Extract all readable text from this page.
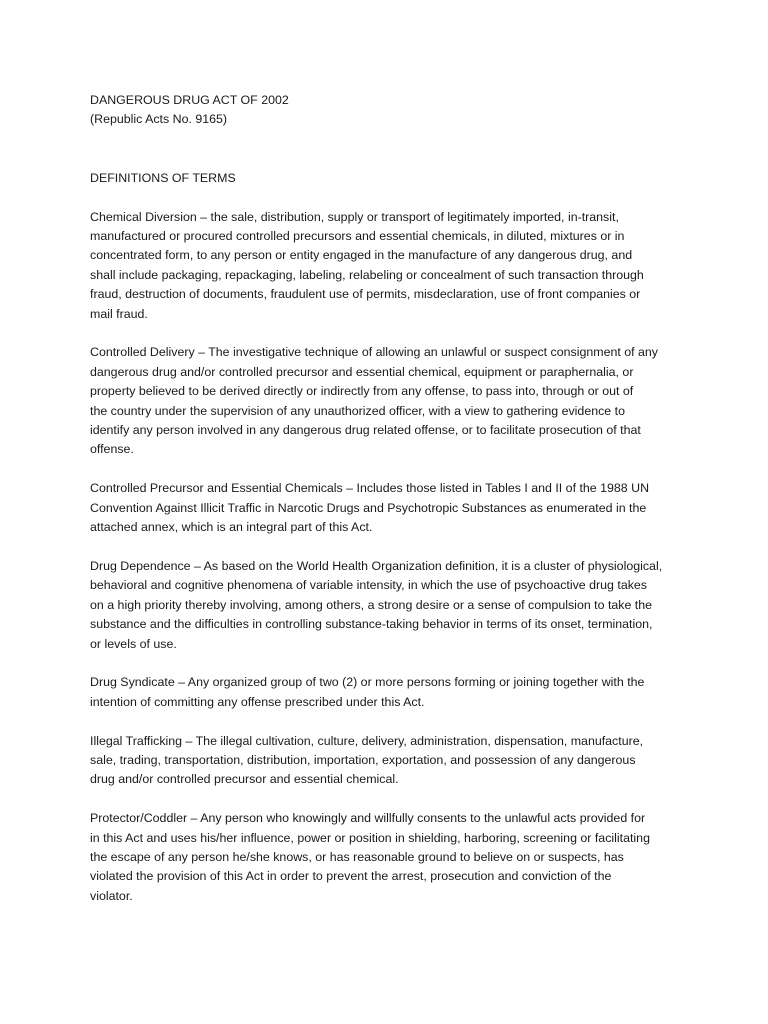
DANGEROUS DRUG ACT OF 2002
(Republic Acts No. 9165)
DEFINITIONS OF TERMS
Chemical Diversion – the sale, distribution, supply or transport of legitimately imported, in-transit,
manufactured or procured controlled precursors and essential chemicals, in diluted, mixtures or in
concentrated form, to any person or entity engaged in the manufacture of any dangerous drug, and
shall include packaging, repackaging, labeling, relabeling or concealment of such transaction through
fraud, destruction of documents, fraudulent use of permits, misdeclaration, use of front companies or
mail fraud.
Controlled Delivery – The investigative technique of allowing an unlawful or suspect consignment of any
dangerous drug and/or controlled precursor and essential chemical, equipment or paraphernalia, or
property believed to be derived directly or indirectly from any offense, to pass into, through or out of
the country under the supervision of any unauthorized officer, with a view to gathering evidence to
identify any person involved in any dangerous drug related offense, or to facilitate prosecution of that
offense.
Controlled Precursor and Essential Chemicals – Includes those listed in Tables I and II of the 1988 UN
Convention Against Illicit Traffic in Narcotic Drugs and Psychotropic Substances as enumerated in the
attached annex, which is an integral part of this Act.
Drug Dependence – As based on the World Health Organization definition, it is a cluster of physiological,
behavioral and cognitive phenomena of variable intensity, in which the use of psychoactive drug takes
on a high priority thereby involving, among others, a strong desire or a sense of compulsion to take the
substance and the difficulties in controlling substance-taking behavior in terms of its onset, termination,
or levels of use.
Drug Syndicate – Any organized group of two (2) or more persons forming or joining together with the
intention of committing any offense prescribed under this Act.
Illegal Trafficking – The illegal cultivation, culture, delivery, administration, dispensation, manufacture,
sale, trading, transportation, distribution, importation, exportation, and possession of any dangerous
drug and/or controlled precursor and essential chemical.
Protector/Coddler – Any person who knowingly and willfully consents to the unlawful acts provided for
in this Act and uses his/her influence, power or position in shielding, harboring, screening or facilitating
the escape of any person he/she knows, or has reasonable ground to believe on or suspects, has
violated the provision of this Act in order to prevent the arrest, prosecution and conviction of the
violator.
